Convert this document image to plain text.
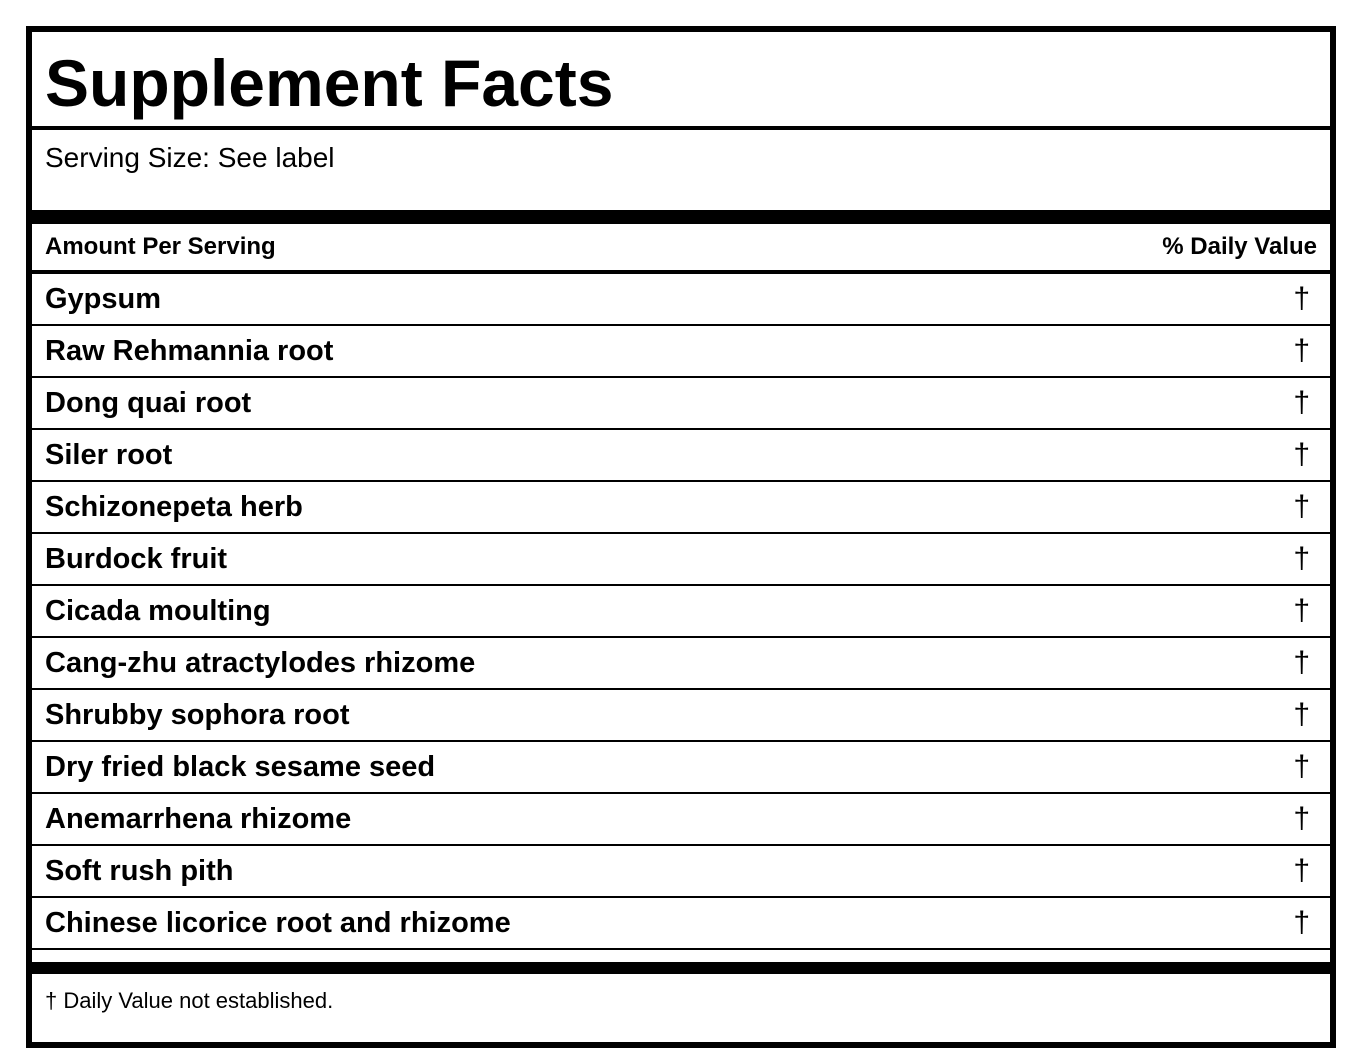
Supplement Facts
Serving Size: See label
Amount Per Serving	% Daily Value
Gypsum	†
Raw Rehmannia root	†
Dong quai root	†
Siler root	†
Schizonepeta herb	†
Burdock fruit	†
Cicada moulting	†
Cang-zhu atractylodes rhizome	†
Shrubby sophora root	†
Dry fried black sesame seed	†
Anemarrhena rhizome	†
Soft rush pith	†
Chinese licorice root and rhizome	†
† Daily Value not established.
